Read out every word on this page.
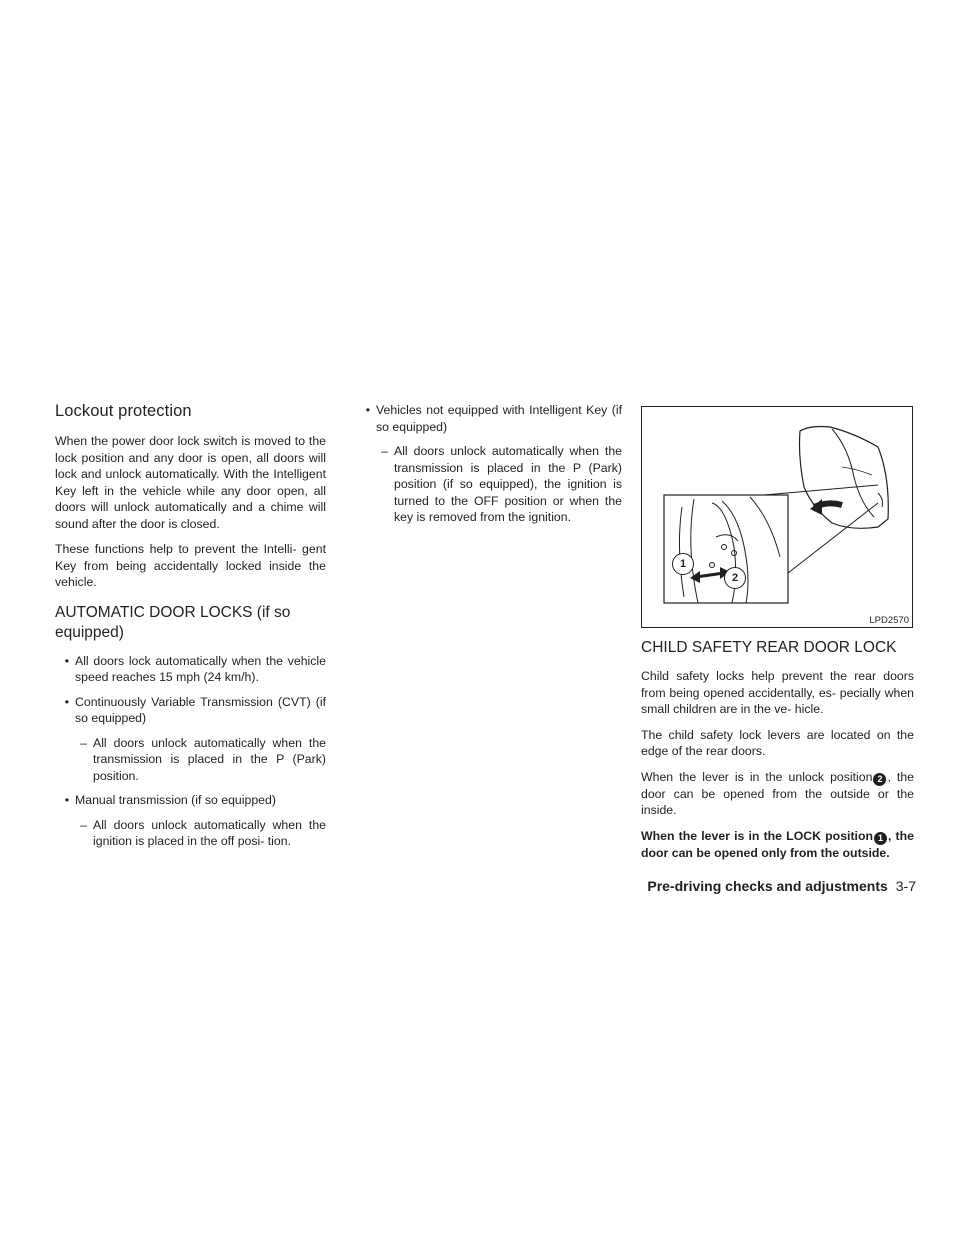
Lockout protection

When the power door lock switch is moved to the lock position and any door is open, all doors will lock and unlock automatically. With the Intelligent Key left in the vehicle while any door open, all doors will unlock automatically and a chime will sound after the door is closed.

These functions help to prevent the Intelli- gent Key from being accidentally locked inside the vehicle.

AUTOMATIC DOOR LOCKS (if so equipped)
• All doors lock automatically when the vehicle speed reaches 15 mph (24 km/h).
• Continuously Variable Transmission (CVT) (if so equipped)
– All doors unlock automatically when the transmission is placed in the P (Park) position.
• Manual transmission (if so equipped)
– All doors unlock automatically when the ignition is placed in the off posi- tion.
• Vehicles not equipped with Intelligent Key (if so equipped)
– All doors unlock automatically when the transmission is placed in the P (Park) position (if so equipped), the ignition is turned to the OFF position or when the key is removed from the ignition.
1
2
LPD2570
CHILD SAFETY REAR DOOR LOCK

Child safety locks help prevent the rear doors from being opened accidentally, es- pecially when small children are in the ve- hicle.

The child safety lock levers are located on the edge of the rear doors.

When the lever is in the unlock position 2 , the door can be opened from the outside or the inside.

When the lever is in the LOCK position 1 , the door can be opened only from the outside.

Pre-driving checks and adjustments 3-7
